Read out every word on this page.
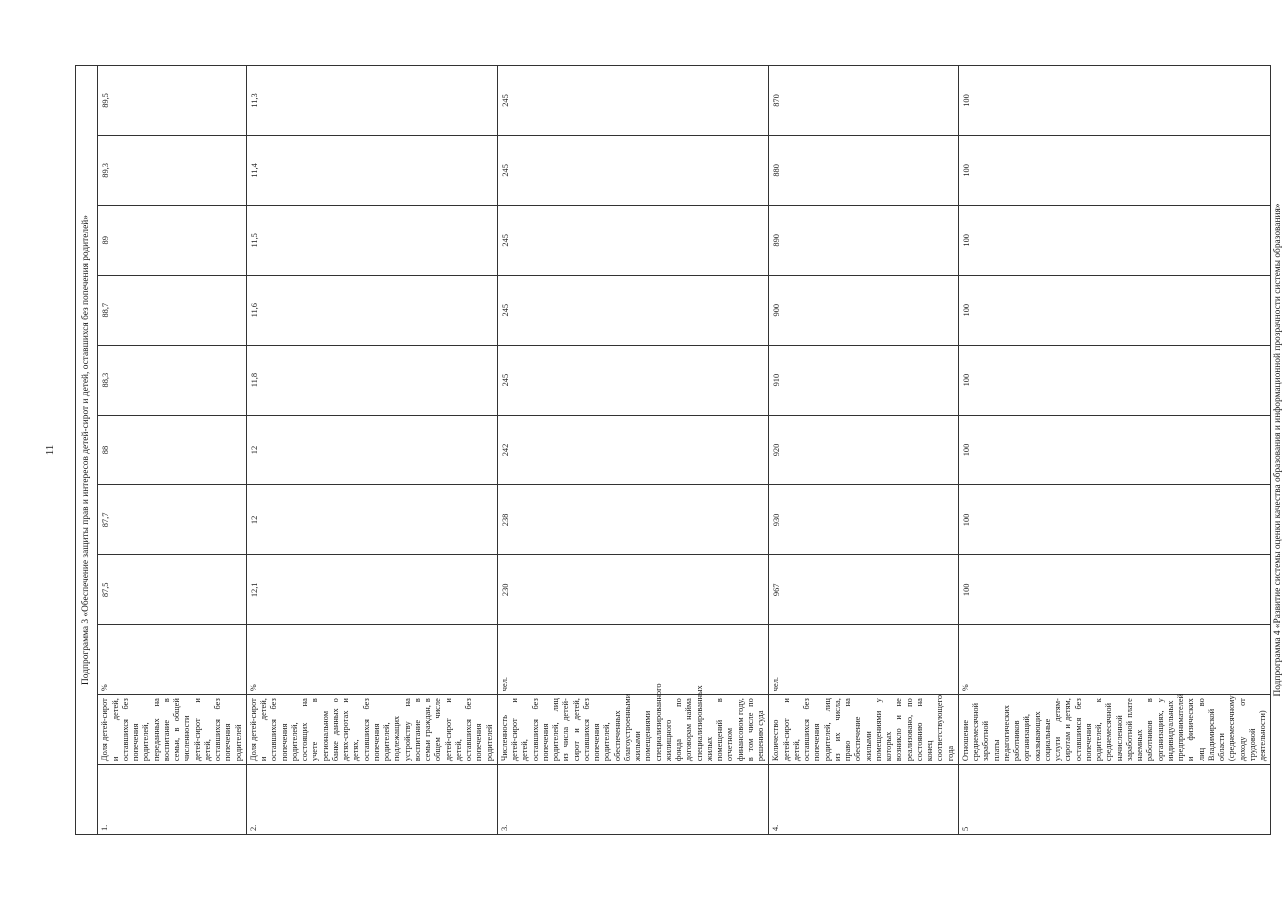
11	Подпрограмма 3 «Обеспечение защиты прав и интересов детей-сирот и детей, оставшихся без попечения родителей»										
1.	Доля детей-сирот и детей, оставшихся без попечения родителей, переданных на воспитание в семьи, в общей численности детей-сирот и детей, оставшихся без попечения родителей	%	87,5	87,7	88	88,3	88,7	89	89,3	89,5
2.	Доля детей-сирот и детей, оставшихся без попечения родителей, состоящих на учете в региональном банке данных о детях-сиротах и детях, оставшихся без попечения родителей, подлежащих устройству на воспитание в семьи граждан, в общем числе детей-сирот и детей, оставшихся без попечения родителей	%	12,1	12	12	11,8	11,6	11,5	11,4	11,3
3.	Численность детей-сирот и детей, оставшихся без попечения родителей, лиц из числа детей-сирот и детей, оставшихся без попечения родителей, обеспеченных благоустроенными жилыми помещениями специализированного жилищного фонда по договорам найма специализированных жилых помещений в отчетном финансовом году, в том числе по решению суда	чел.	230	238	242	245	245	245	245	245
4.	Количество детей-сирот и детей, оставшихся без попечения родителей, лиц из их числа, право на обеспечение жилыми помещениями у которых возникло и не реализовано, по состоянию на конец соответствующего года	чел.	967	930	920	910	900	890	880	870
5	Отношение среднемесячной заработной платы педагогических работников организаций, оказывающих социальные услуги детям-сиротам и детям, оставшимся без попечения родителей, к среднемесячной начисленной заработной плате наемных работников в организациях, у индивидуальных предпринимателей и физических лиц во Владимирской области (среднемесячному доходу от трудовой деятельности)	%	100	100	100	100	100	100	100	100
Подпрограмма 4 «Развитие системы оценки качества образования и информационной прозрачности системы образования»
